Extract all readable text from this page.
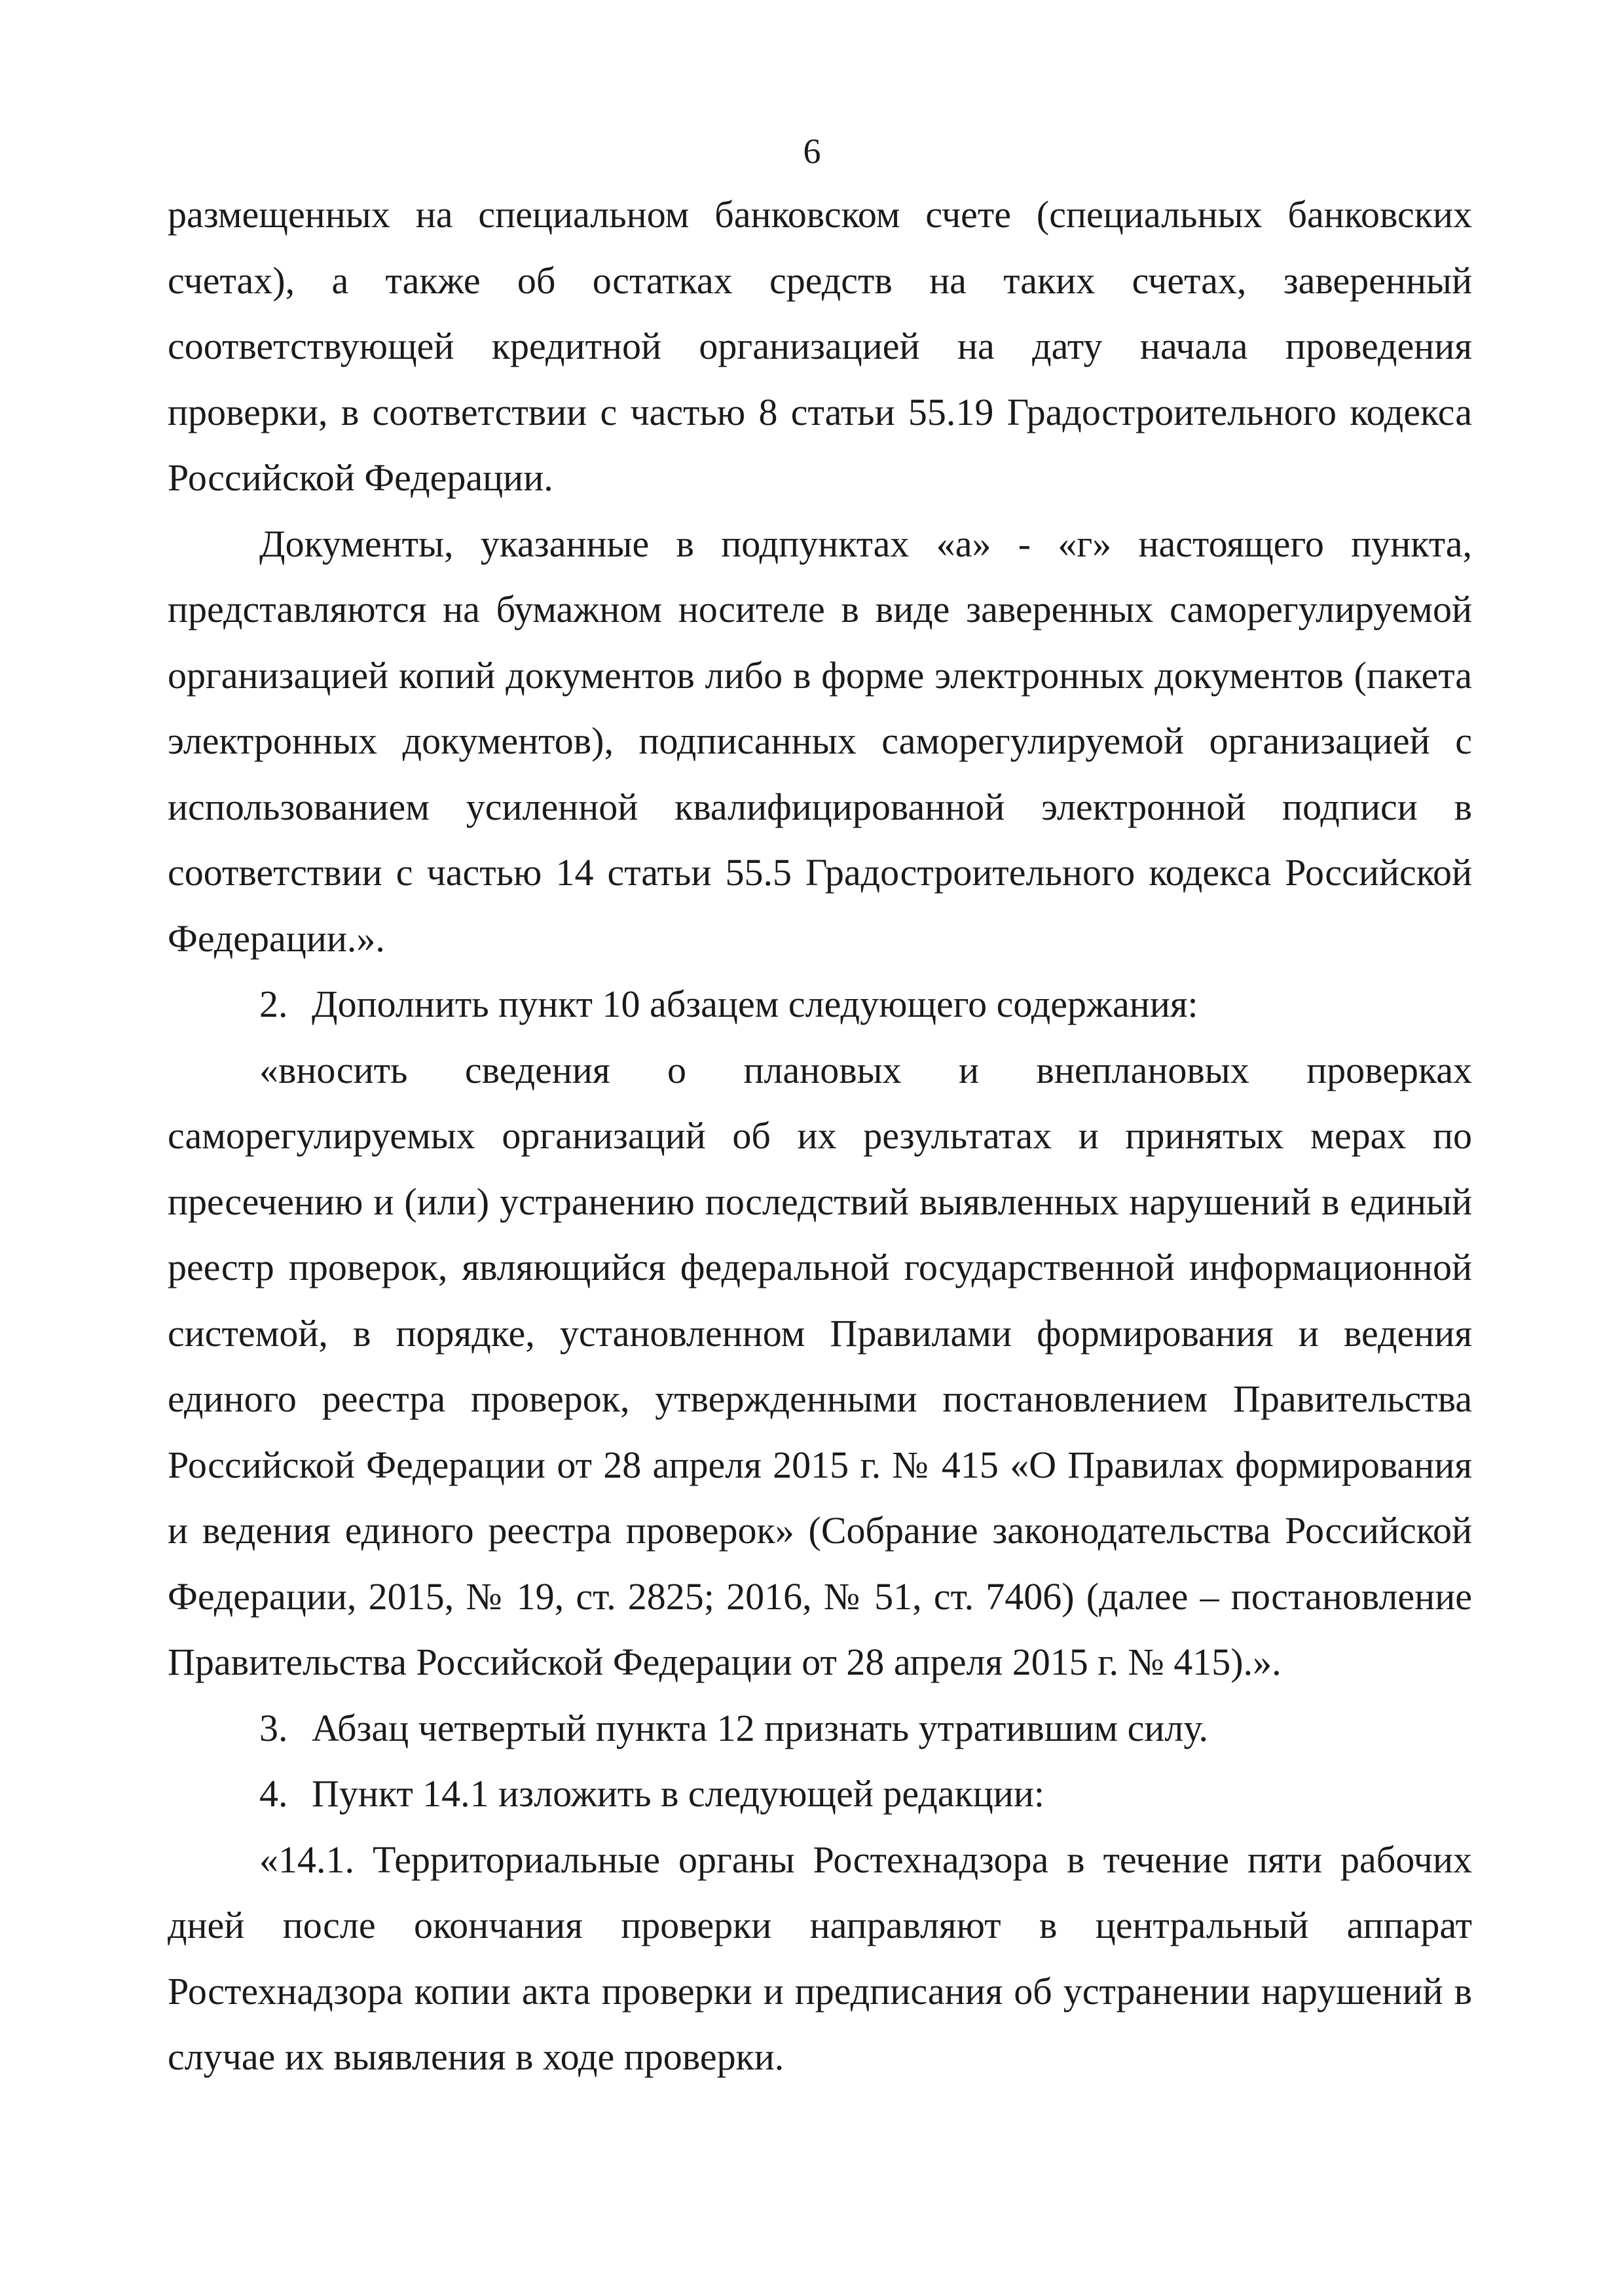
6

размещенных на специальном банковском счете (специальных банковских счетах), а также об остатках средств на таких счетах, заверенный соответствующей кредитной организацией на дату начала проведения проверки, в соответствии с частью 8 статьи 55.19 Градостроительного кодекса Российской Федерации.

Документы, указанные в подпунктах «а» - «г» настоящего пункта, представляются на бумажном носителе в виде заверенных саморегулируемой организацией копий документов либо в форме электронных документов (пакета электронных документов), подписанных саморегулируемой организацией с использованием усиленной квалифицированной электронной подписи в соответствии с частью 14 статьи 55.5 Градостроительного кодекса Российской Федерации.».

2. Дополнить пункт 10 абзацем следующего содержания:

«вносить сведения о плановых и внеплановых проверках саморегулируемых организаций об их результатах и принятых мерах по пресечению и (или) устранению последствий выявленных нарушений в единый реестр проверок, являющийся федеральной государственной информационной системой, в порядке, установленном Правилами формирования и ведения единого реестра проверок, утвержденными постановлением Правительства Российской Федерации от 28 апреля 2015 г. № 415 «О Правилах формирования и ведения единого реестра проверок» (Собрание законодательства Российской Федерации, 2015, № 19, ст. 2825; 2016, № 51, ст. 7406) (далее – постановление Правительства Российской Федерации от 28 апреля 2015 г. № 415).».

3. Абзац четвертый пункта 12 признать утратившим силу.

4. Пункт 14.1 изложить в следующей редакции:

«14.1. Территориальные органы Ростехнадзора в течение пяти рабочих дней после окончания проверки направляют в центральный аппарат Ростехнадзора копии акта проверки и предписания об устранении нарушений в случае их выявления в ходе проверки.
